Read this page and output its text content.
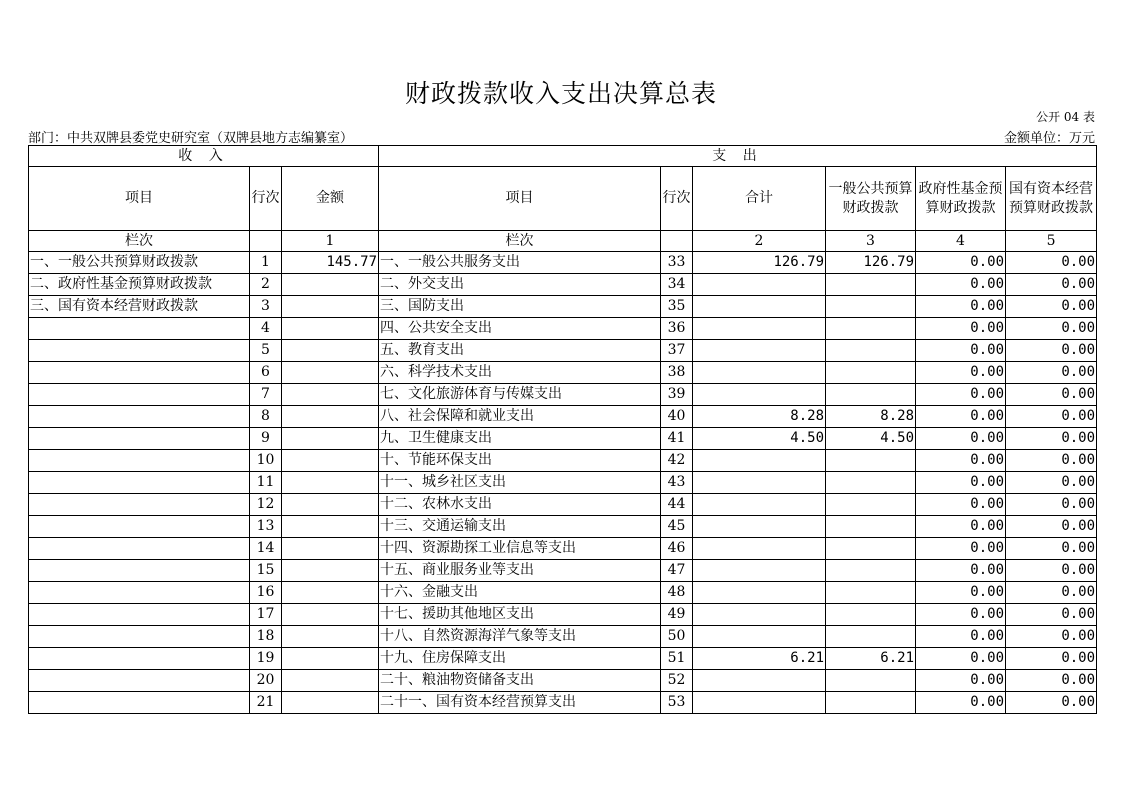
财政拨款收入支出决算总表
公开 04 表
部门：中共双牌县委党史研究室（双牌县地方志编纂室）	金额单位：万元
收 入			支 出					
项目	行次	金额	项目	行次	合计	一般公共预算财政拨款	政府性基金预算财政拨款	国有资本经营预算财政拨款
栏次		1	栏次		2	3	4	5
一、一般公共预算财政拨款	1	145.77	一、一般公共服务支出	33	126.79	126.79	0.00	0.00
二、政府性基金预算财政拨款	2		二、外交支出	34			0.00	0.00
三、国有资本经营财政拨款	3		三、国防支出	35			0.00	0.00
	4		四、公共安全支出	36			0.00	0.00
	5		五、教育支出	37			0.00	0.00
	6		六、科学技术支出	38			0.00	0.00
	7		七、文化旅游体育与传媒支出	39			0.00	0.00
	8		八、社会保障和就业支出	40	8.28	8.28	0.00	0.00
	9		九、卫生健康支出	41	4.50	4.50	0.00	0.00
	10		十、节能环保支出	42			0.00	0.00
	11		十一、城乡社区支出	43			0.00	0.00
	12		十二、农林水支出	44			0.00	0.00
	13		十三、交通运输支出	45			0.00	0.00
	14		十四、资源勘探工业信息等支出	46			0.00	0.00
	15		十五、商业服务业等支出	47			0.00	0.00
	16		十六、金融支出	48			0.00	0.00
	17		十七、援助其他地区支出	49			0.00	0.00
	18		十八、自然资源海洋气象等支出	50			0.00	0.00
	19		十九、住房保障支出	51	6.21	6.21	0.00	0.00
	20		二十、粮油物资储备支出	52			0.00	0.00
	21		二十一、国有资本经营预算支出	53			0.00	0.00
